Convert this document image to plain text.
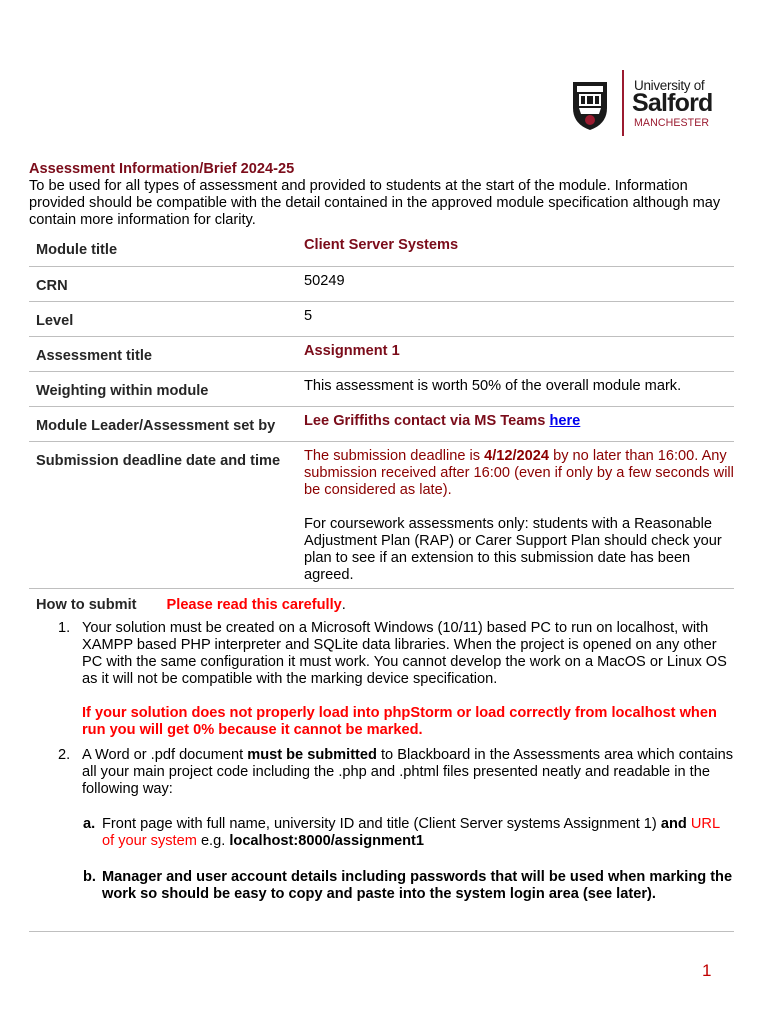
University of
Salford
MANCHESTER
Assessment Information/Brief 2024-25
To be used for all types of assessment and provided to students at the start of the module. Information provided should be compatible with the detail contained in the approved module specification although may contain more information for clarity.
Module title	Client Server Systems
CRN	50249
Level	5
Assessment title	Assignment 1
Weighting within module	This assessment is worth 50% of the overall module mark.
Module Leader/Assessment set by	Lee Griffiths contact via MS Teams here
Submission deadline date and time	The submission deadline is 4/12/2024 by no later than 16:00. Any submission received after 16:00 (even if only by a few seconds will be considered as late).

For coursework assessments only: students with a Reasonable Adjustment Plan (RAP) or Carer Support Plan should check your plan to see if an extension to this submission date has been agreed.

How to submit Please read this carefully.
1. Your solution must be created on a Microsoft Windows (10/11) based PC to run on localhost, with XAMPP based PHP interpreter and SQLite data libraries. When the project is opened on any other PC with the same configuration it must work. You cannot develop the work on a MacOS or Linux OS as it will not be compatible with the marking device specification.

If your solution does not properly load into phpStorm or load correctly from localhost when run you will get 0% because it cannot be marked.

2. A Word or .pdf document must be submitted to Blackboard in the Assessments area which contains all your main project code including the .php and .phtml files presented neatly and readable in the following way:

a. Front page with full name, university ID and title (Client Server systems Assignment 1) and URL of your system e.g. localhost:8000/assignment1

b. Manager and user account details including passwords that will be used when marking the work so should be easy to copy and paste into the system login area (see later).

1
